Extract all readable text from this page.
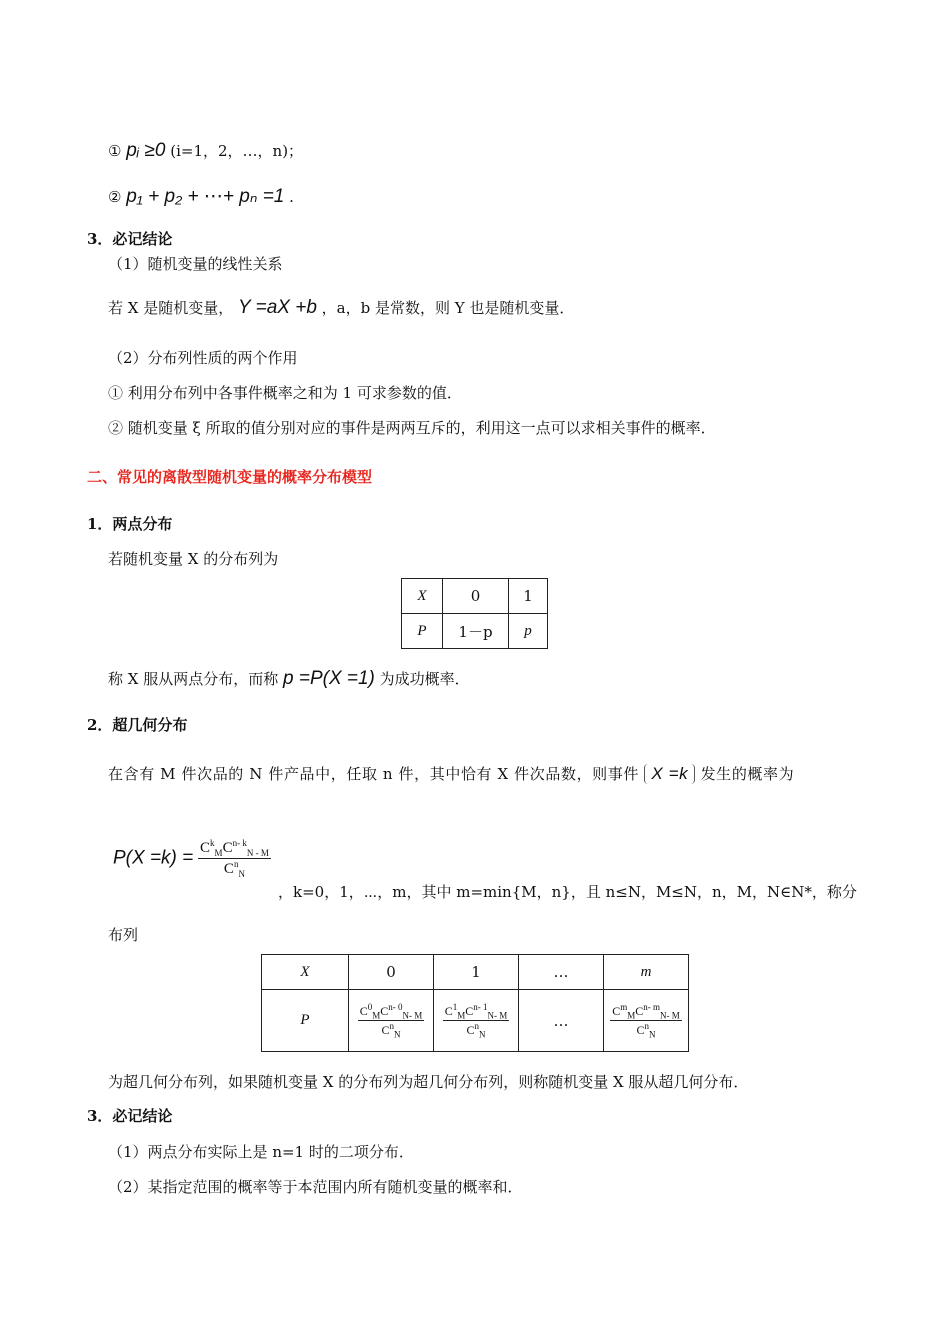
① pᵢ ≥0 (i=1，2，…，n)；
② p₁ + p₂ + ⋯+ pₙ =1 .
3．必记结论
（1）随机变量的线性关系
若 X 是随机变量， Y =aX +b ，a，b 是常数，则 Y 也是随机变量．
（2）分布列性质的两个作用
① 利用分布列中各事件概率之和为 1 可求参数的值．
② 随机变量 ξ 所取的值分别对应的事件是两两互斥的，利用这一点可以求相关事件的概率．
二、常见的离散型随机变量的概率分布模型
1．两点分布
若随机变量 X 的分布列为
X	0	1
P	1－p	p
称 X 服从两点分布，而称 p =P(X =1) 为成功概率．
2．超几何分布
在含有 M 件次品的 N 件产品中，任取 n 件，其中恰有 X 件次品数，则事件 X =k 发生的概率为
$P(X =k) = \frac{C^k_MC^{n- k}_{N - M}}{C^n_N}$
，k=0，1，⋯，m，其中 m=min{M，n}，且 n≤N，M≤N，n，M，N∈N*，称分
布列
X	0	1	…	m
P	$\frac{C^0_MC^{n- 0}_{N- M}}{C^n_N}$	$\frac{C^1_MC^{n- 1}_{N- M}}{C^n_N}$	…	$\frac{C^m_MC^{n- m}_{N- M}}{C^n_N}$
为超几何分布列，如果随机变量 X 的分布列为超几何分布列，则称随机变量 X 服从超几何分布．
3．必记结论
（1）两点分布实际上是 n=1 时的二项分布．
（2）某指定范围的概率等于本范围内所有随机变量的概率和．
